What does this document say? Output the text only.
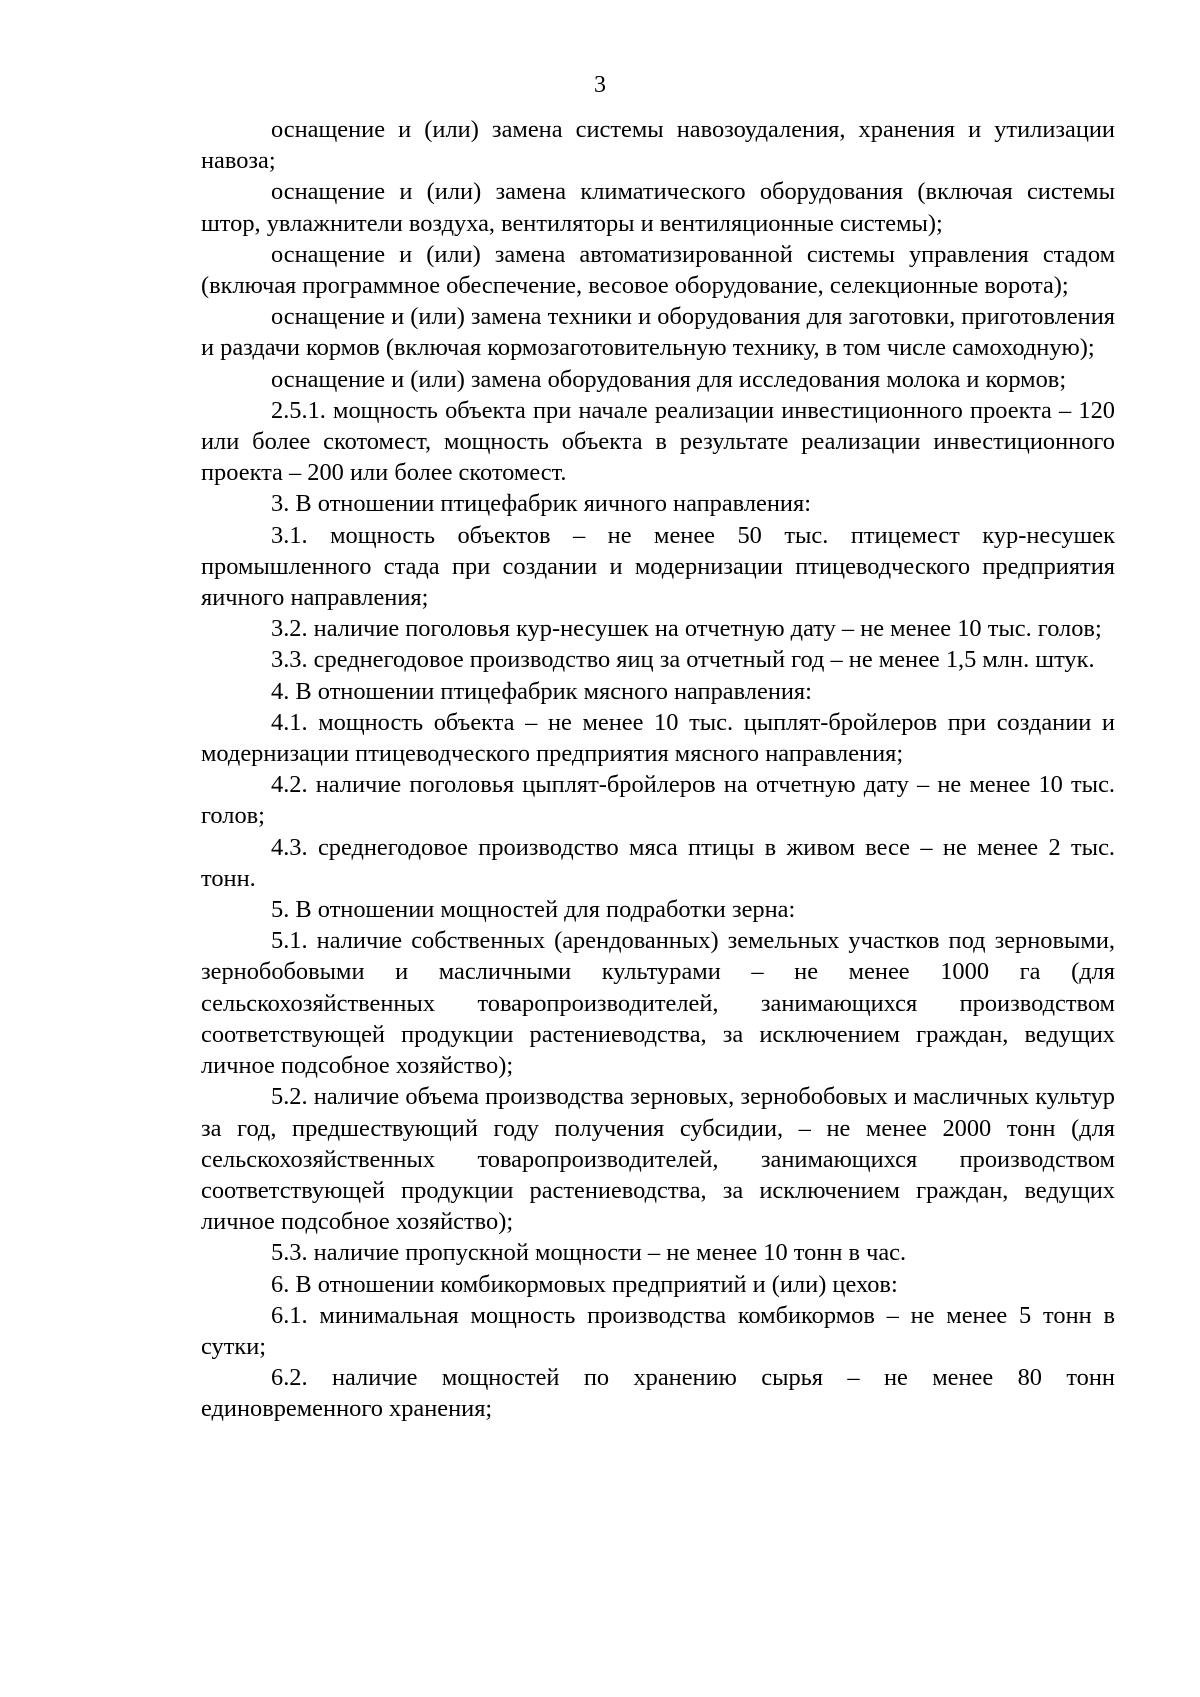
3

оснащение и (или) замена системы навозоудаления, хранения и утилизации навоза;

оснащение и (или) замена климатического оборудования (включая системы штор, увлажнители воздуха, вентиляторы и вентиляционные системы);

оснащение и (или) замена автоматизированной системы управления стадом (включая программное обеспечение, весовое оборудование, селекционные ворота);

оснащение и (или) замена техники и оборудования для заготовки, приготовления и раздачи кормов (включая кормозаготовительную технику, в том числе самоходную);

оснащение и (или) замена оборудования для исследования молока и кормов;

2.5.1. мощность объекта при начале реализации инвестиционного проекта – 120 или более скотомест, мощность объекта в результате реализации инвестиционного проекта – 200 или более скотомест.

3. В отношении птицефабрик яичного направления:

3.1. мощность объектов – не менее 50 тыс. птицемест кур-несушек промышленного стада при создании и модернизации птицеводческого предприятия яичного направления;

3.2. наличие поголовья кур-несушек на отчетную дату – не менее 10 тыс. голов;

3.3. среднегодовое производство яиц за отчетный год – не менее 1,5 млн. штук.

4. В отношении птицефабрик мясного направления:

4.1. мощность объекта – не менее 10 тыс. цыплят-бройлеров при создании и модернизации птицеводческого предприятия мясного направления;

4.2. наличие поголовья цыплят-бройлеров на отчетную дату – не менее 10 тыс. голов;

4.3. среднегодовое производство мяса птицы в живом весе – не менее 2 тыс. тонн.

5. В отношении мощностей для подработки зерна:

5.1. наличие собственных (арендованных) земельных участков под зерновыми, зернобобовыми и масличными культурами – не менее 1000 га (для сельскохозяйственных товаропроизводителей, занимающихся производством соответствующей продукции растениеводства, за исключением граждан, ведущих личное подсобное хозяйство);

5.2. наличие объема производства зерновых, зернобобовых и масличных культур за год, предшествующий году получения субсидии, – не менее 2000 тонн (для сельскохозяйственных товаропроизводителей, занимающихся производством соответствующей продукции растениеводства, за исключением граждан, ведущих личное подсобное хозяйство);

5.3. наличие пропускной мощности – не менее 10 тонн в час.

6. В отношении комбикормовых предприятий и (или) цехов:

6.1. минимальная мощность производства комбикормов – не менее 5 тонн в сутки;

6.2. наличие мощностей по хранению сырья – не менее 80 тонн единовременного хранения;
